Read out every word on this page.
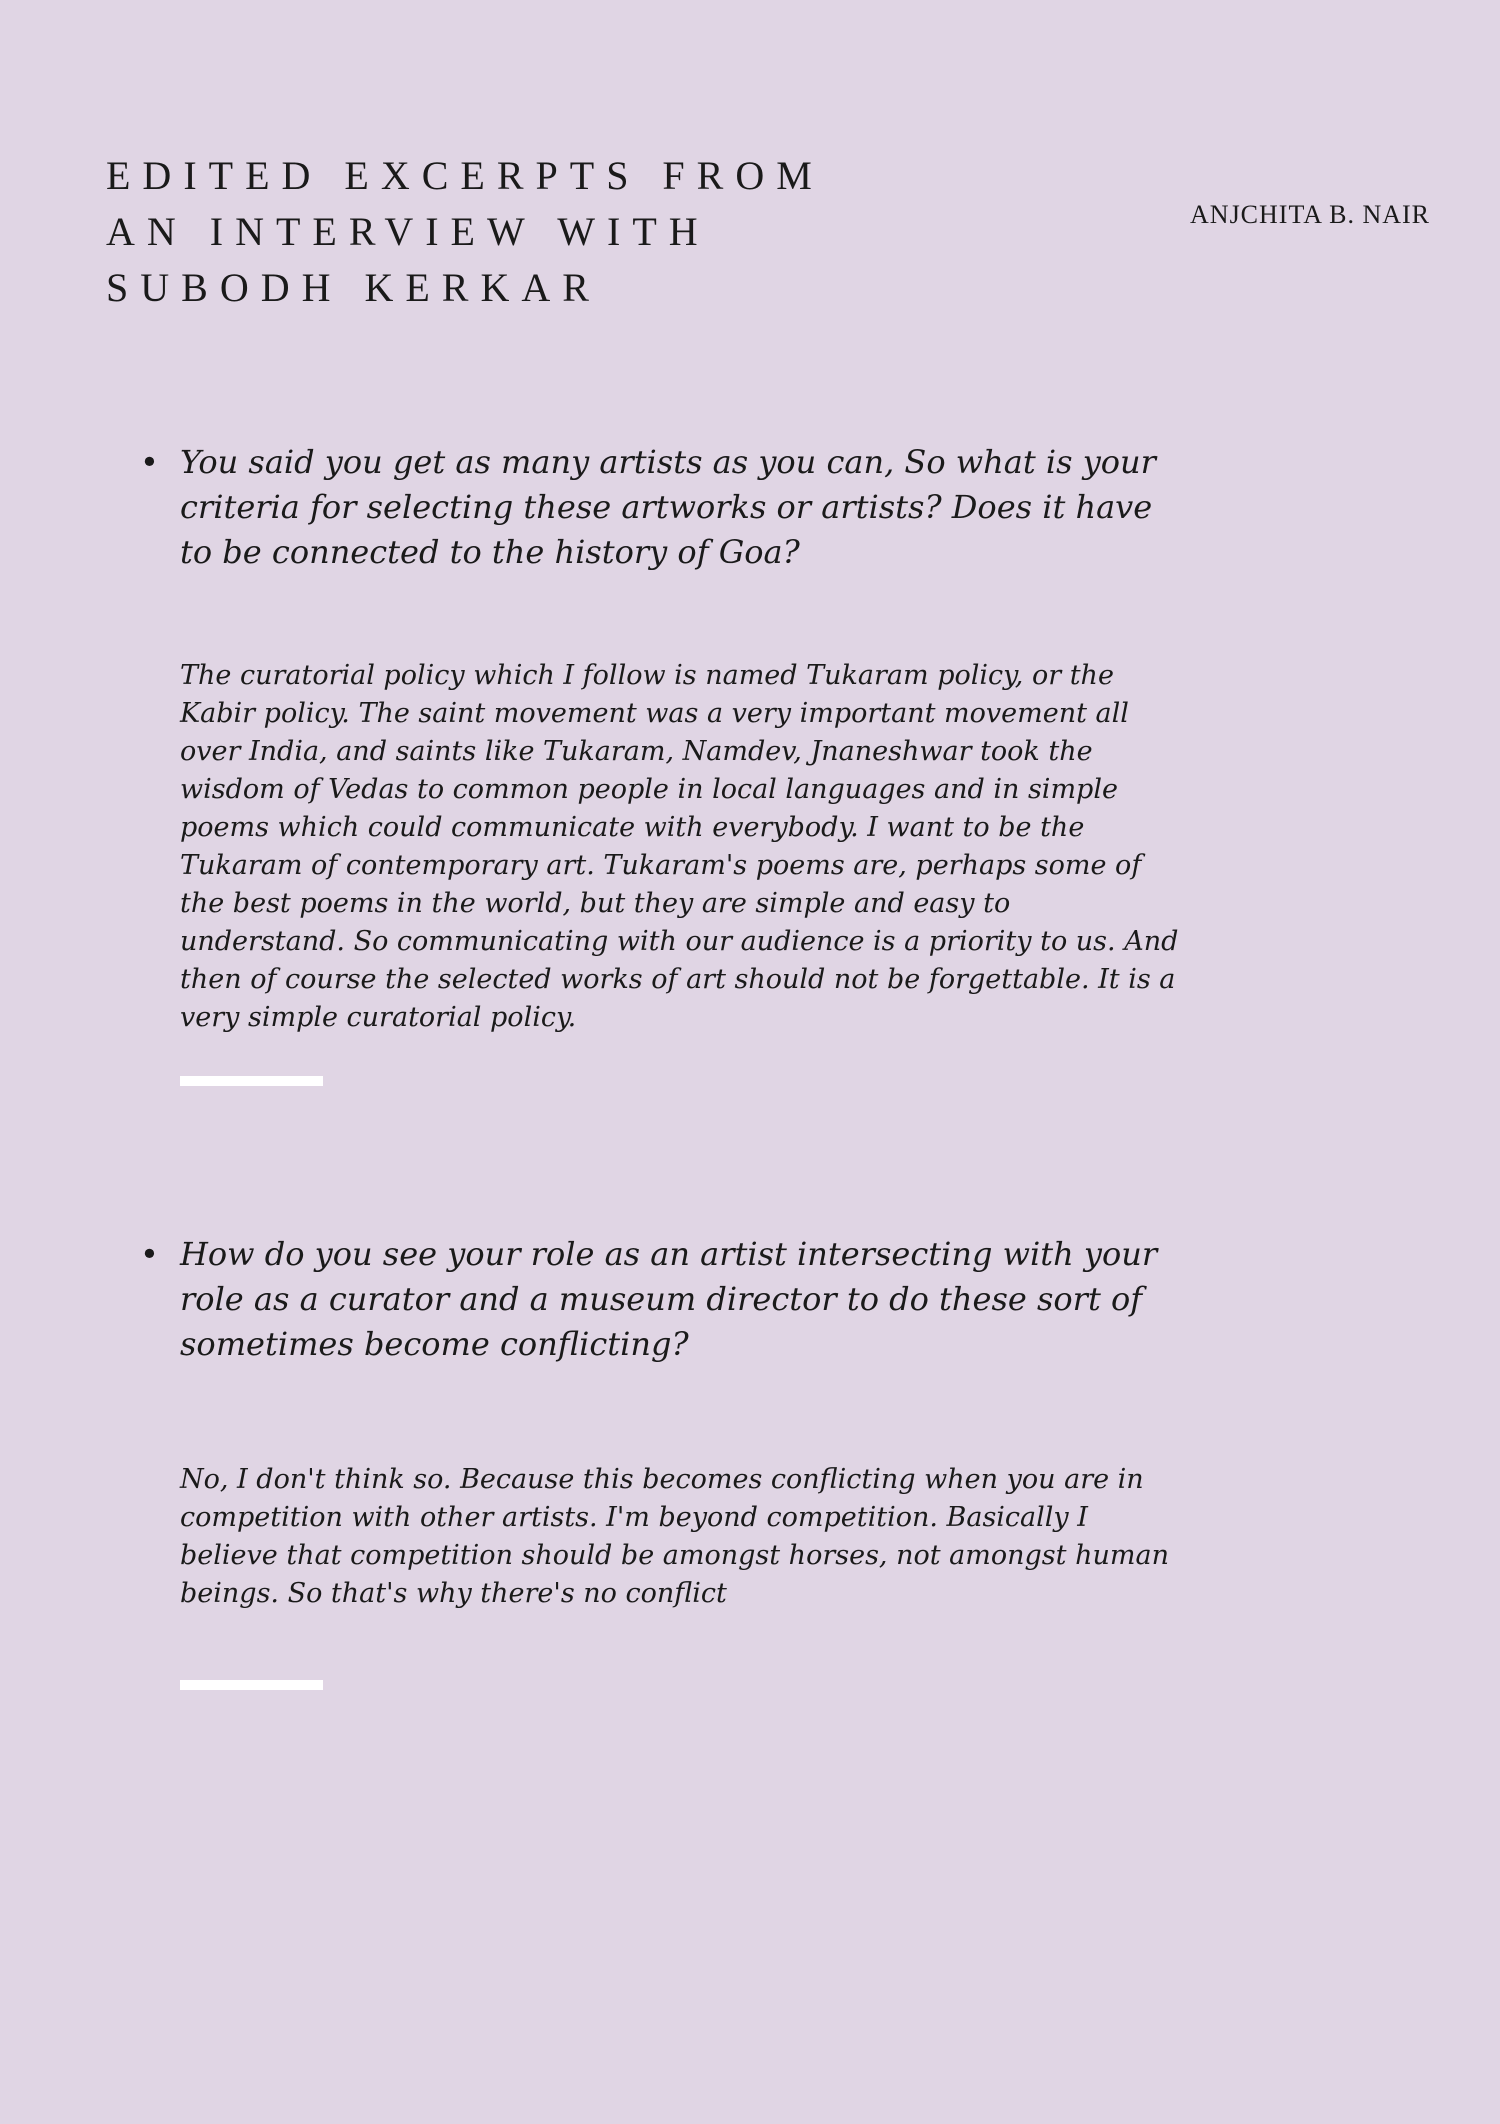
EDITED EXCERPTS FROM
AN INTERVIEW WITH
SUBODH KERKAR
ANJCHITA B. NAIR
• You said you get as many artists as you can, So what is your criteria for selecting these artworks or artists? Does it have to be connected to the history of Goa?

The curatorial policy which I follow is named Tukaram policy, or the Kabir policy. The saint movement was a very important movement all over India, and saints like Tukaram, Namdev, Jnaneshwar took the wisdom of Vedas to common people in local languages and in simple poems which could communicate with everybody. I want to be the Tukaram of contemporary art. Tukaram's poems are, perhaps some of the best poems in the world, but they are simple and easy to understand. So communicating with our audience is a priority to us. And then of course the selected works of art should not be forgettable. It is a very simple curatorial policy.

• How do you see your role as an artist intersecting with your role as a curator and a museum director to do these sort of sometimes become conflicting?

No, I don't think so. Because this becomes conflicting when you are in competition with other artists. I'm beyond competition. Basically I believe that competition should be amongst horses, not amongst human beings. So that's why there's no conflict
